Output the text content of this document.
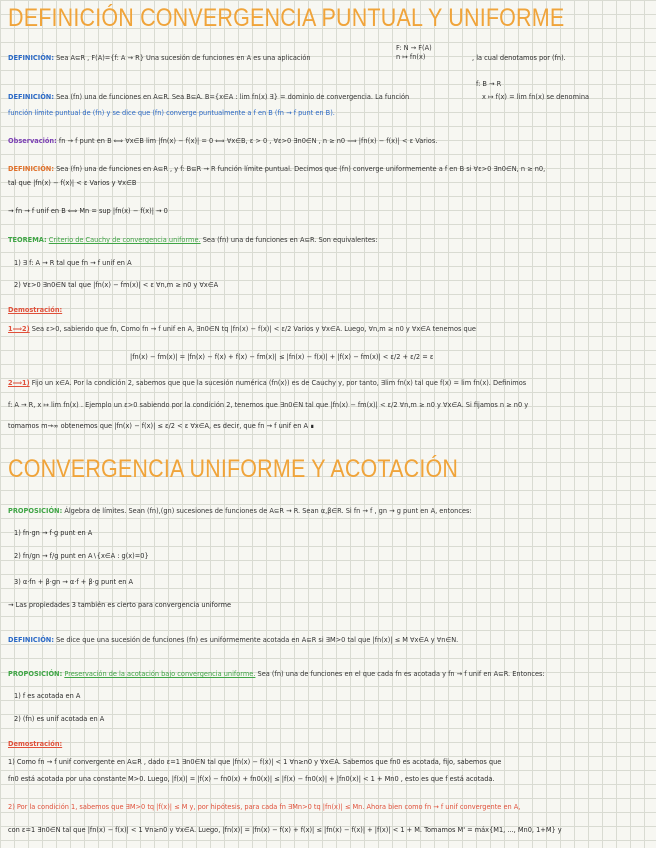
DEFINICIÓN CONVERGENCIA PUNTUAL Y UNIFORME
DEFINICIÓN: Sea A⊆R , F(A)={f: A → R} Una sucesión de funciones en A es una aplicación
F: N → F(A)
n ↦ fn(x)	, la cual denotamos por (fn).
f: B → R
DEFINICIÓN: Sea (fn) una de funciones en A⊆R. Sea B⊆A. B={x∈A : lim fn(x) ∃} = dominio de convergencia. La función	x ↦ f(x) = lim fn(x) se denomina
función límite puntual de (fn) y se dice que (fn) converge puntualmente a f en B (fn → f punt en B).
Observación: fn → f punt en B ⟺ ∀x∈B lim |fn(x) − f(x)| = 0 ⟺ ∀x∈B, ε > 0 , ∀ε>0 ∃n0∈N , n ≥ n0 ⟹ |fn(x) − f(x)| < ε Varios.
DEFINICIÓN: Sea (fn) una de funciones en A⊆R , y f: B⊆R → R función límite puntual. Decimos que (fn) converge uniformemente a f en B si ∀ε>0 ∃n0∈N, n ≥ n0,
tal que |fn(x) − f(x)| < ε Varios y ∀x∈B
→ fn → f unif en B ⟺ Mn = sup |fn(x) − f(x)| → 0
TEOREMA: Criterio de Cauchy de convergencia uniforme. Sea (fn) una de funciones en A⊆R. Son equivalentes:
1) ∃ f: A → R tal que fn → f unif en A
2) ∀ε>0 ∃n0∈N tal que |fn(x) − fm(x)| < ε ∀n,m ≥ n0 y ∀x∈A
Demostración:
1⟹2) Sea ε>0, sabiendo que fn, Como fn → f unif en A, ∃n0∈N tq |fn(x) − f(x)| < ε/2 Varios y ∀x∈A. Luego, ∀n,m ≥ n0 y ∀x∈A tenemos que
|fn(x) − fm(x)| = |fn(x) − f(x) + f(x) − fm(x)| ≤ |fn(x) − f(x)| + |f(x) − fm(x)| < ε/2 + ε/2 = ε
2⟹1) Fijo un x∈A. Por la condición 2, sabemos que que la sucesión numérica (fn(x)) es de Cauchy y, por tanto, ∃lim fn(x) tal que f(x) = lim fn(x). Definimos
f: A → R, x ↦ lim fn(x) . Ejemplo un ε>0 sabiendo por la condición 2, tenemos que ∃n0∈N tal que |fn(x) − fm(x)| < ε/2 ∀n,m ≥ n0 y ∀x∈A. Si fijamos n ≥ n0 y
tomamos m→∞ obtenemos que |fn(x) − f(x)| ≤ ε/2 < ε ∀x∈A, es decir, que fn → f unif en A ∎
CONVERGENCIA UNIFORME Y ACOTACIÓN
PROPOSICIÓN: Álgebra de límites. Sean (fn),(gn) sucesiones de funciones de A⊆R → R. Sean α,β∈R. Si fn → f , gn → g punt en A, entonces:
1) fn·gn → f·g punt en A
2) fn/gn → f/g punt en A∖{x∈A : g(x)=0}
3) α·fn + β·gn → α·f + β·g punt en A
→ Las propiedades 3 también es cierto para convergencia uniforme
DEFINICIÓN: Se dice que una sucesión de funciones (fn) es uniformemente acotada en A⊆R si ∃M>0 tal que |fn(x)| ≤ M ∀x∈A y ∀n∈N.
PROPOSICIÓN: Preservación de la acotación bajo convergencia uniforme. Sea (fn) una de funciones en el que cada fn es acotada y fn → f unif en A⊆R. Entonces:
1) f es acotada en A
2) (fn) es unif acotada en A
Demostración:
1) Como fn → f unif convergente en A⊆R , dado ε=1 ∃n0∈N tal que |fn(x) − f(x)| < 1 ∀n≥n0 y ∀x∈A. Sabemos que fn0 es acotada, fijo, sabemos que
fn0 está acotada por una constante M>0. Luego, |f(x)| = |f(x) − fn0(x) + fn0(x)| ≤ |f(x) − fn0(x)| + |fn0(x)| < 1 + Mn0 , esto es que f está acotada.
2) Por la condición 1, sabemos que ∃M>0 tq |f(x)| ≤ M y, por hipótesis, para cada fn ∃Mn>0 tq |fn(x)| ≤ Mn. Ahora bien como fn → f unif convergente en A,
con ε=1 ∃n0∈N tal que |fn(x) − f(x)| < 1 ∀n≥n0 y ∀x∈A. Luego, |fn(x)| = |fn(x) − f(x) + f(x)| ≤ |fn(x) − f(x)| + |f(x)| < 1 + M. Tomamos M' = máx{M1, ..., Mn0, 1+M} y
